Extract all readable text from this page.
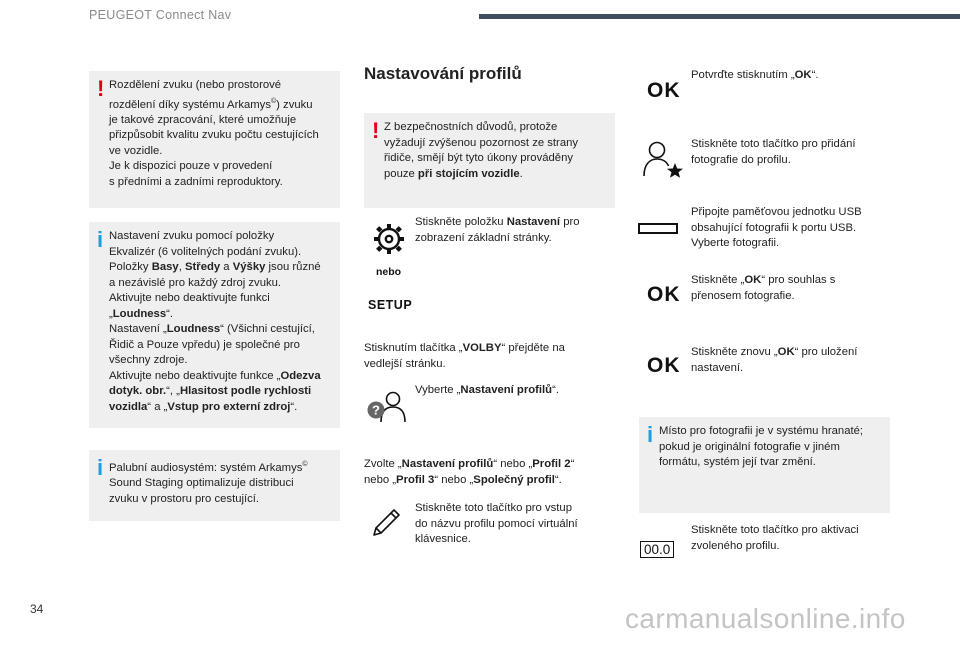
PEUGEOT Connect Nav
34	carmanualsonline.info
! Rozdělení zvuku (nebo prostorové

rozdělení díky systému Arkamys©) zvuku

je takové zpracování, které umožňuje

přizpůsobit kvalitu zvuku počtu cestujících

ve vozidle.

Je k dispozici pouze v provedení

s předními a zadními reproduktory.

i Nastavení zvuku pomocí položky

Ekvalizér (6 volitelných podání zvuku).

Položky Basy, Středy a Výšky jsou různé

a nezávislé pro každý zdroj zvuku.

Aktivujte nebo deaktivujte funkci

„Loudness“.

Nastavení „Loudness“ (Všichni cestující,

Řidič a Pouze vpředu) je společné pro

všechny zdroje.

Aktivujte nebo deaktivujte funkce „Odezva

dotyk. obr.“, „Hlasitost podle rychlosti

vozidla“ a „Vstup pro externí zdroj“.

i Palubní audiosystém: systém Arkamys©

Sound Staging optimalizuje distribuci

zvuku v prostoru pro cestující.

Nastavování profilů
! Z bezpečnostních důvodů, protože

vyžadují zvýšenou pozornost ze strany

řidiče, smějí být tyto úkony prováděny

pouze při stojícím vozidle.

Stiskněte položku Nastavení pro

zobrazení základní stránky.

nebo
SETUP

Stisknutím tlačítka „VOLBY“ přejděte na

vedlejší stránku.

?

Vyberte „Nastavení profilů“.

Zvolte „Nastavení profilů“ nebo „Profil 2“

nebo „Profil 3“ nebo „Společný profil“.

Stiskněte toto tlačítko pro vstup

do názvu profilu pomocí virtuální

klávesnice.

OK

Potvrďte stisknutím „OK“.

Stiskněte toto tlačítko pro přidání

fotografie do profilu.

Připojte paměťovou jednotku USB

obsahující fotografii k portu USB.

Vyberte fotografii.

OK

Stiskněte „OK“ pro souhlas s

přenosem fotografie.

OK

Stiskněte znovu „OK“ pro uložení

nastavení.

i Místo pro fotografii je v systému hranaté;

pokud je originální fotografie v jiném

formátu, systém její tvar změní.

00.0

Stiskněte toto tlačítko pro aktivaci

zvoleného profilu.
